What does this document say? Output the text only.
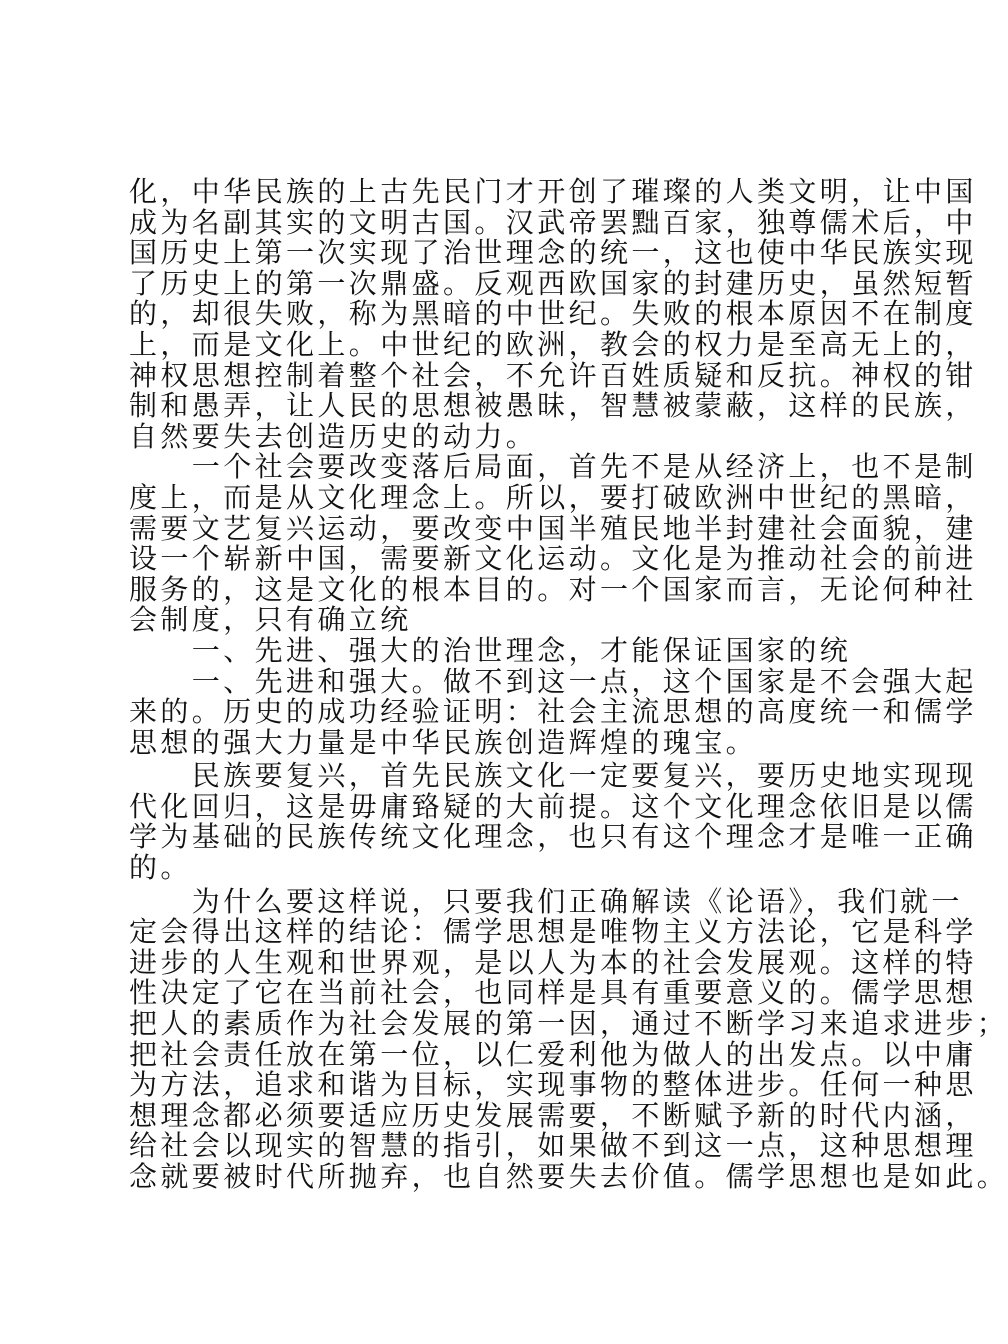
化，中华民族的上古先民门才开创了璀璨的人类文明，让中国
成为名副其实的文明古国。汉武帝罢黜百家，独尊儒术后，中
国历史上第一次实现了治世理念的统一，这也使中华民族实现
了历史上的第一次鼎盛。反观西欧国家的封建历史，虽然短暂
的，却很失败，称为黑暗的中世纪。失败的根本原因不在制度
上，而是文化上。中世纪的欧洲，教会的权力是至高无上的，
神权思想控制着整个社会，不允许百姓质疑和反抗。神权的钳
制和愚弄，让人民的思想被愚昧，智慧被蒙蔽，这样的民族，
自然要失去创造历史的动力。
　　一个社会要改变落后局面，首先不是从经济上，也不是制
度上，而是从文化理念上。所以，要打破欧洲中世纪的黑暗，
需要文艺复兴运动，要改变中国半殖民地半封建社会面貌，建
设一个崭新中国，需要新文化运动。文化是为推动社会的前进
服务的，这是文化的根本目的。对一个国家而言，无论何种社
会制度，只有确立统
　　一、先进、强大的治世理念，才能保证国家的统
　　一、先进和强大。做不到这一点，这个国家是不会强大起
来的。历史的成功经验证明：社会主流思想的高度统一和儒学
思想的强大力量是中华民族创造辉煌的瑰宝。
　　民族要复兴，首先民族文化一定要复兴，要历史地实现现
代化回归，这是毋庸臵疑的大前提。这个文化理念依旧是以儒
学为基础的民族传统文化理念，也只有这个理念才是唯一正确
的。
　　为什么要这样说，只要我们正确解读《论语》，我们就一
定会得出这样的结论：儒学思想是唯物主义方法论，它是科学
进步的人生观和世界观，是以人为本的社会发展观。这样的特
性决定了它在当前社会，也同样是具有重要意义的。儒学思想
把人的素质作为社会发展的第一因，通过不断学习来追求进步；
把社会责任放在第一位，以仁爱利他为做人的出发点。以中庸
为方法，追求和谐为目标，实现事物的整体进步。任何一种思
想理念都必须要适应历史发展需要，不断赋予新的时代内涵，
给社会以现实的智慧的指引，如果做不到这一点，这种思想理
念就要被时代所抛弃，也自然要失去价值。儒学思想也是如此。
